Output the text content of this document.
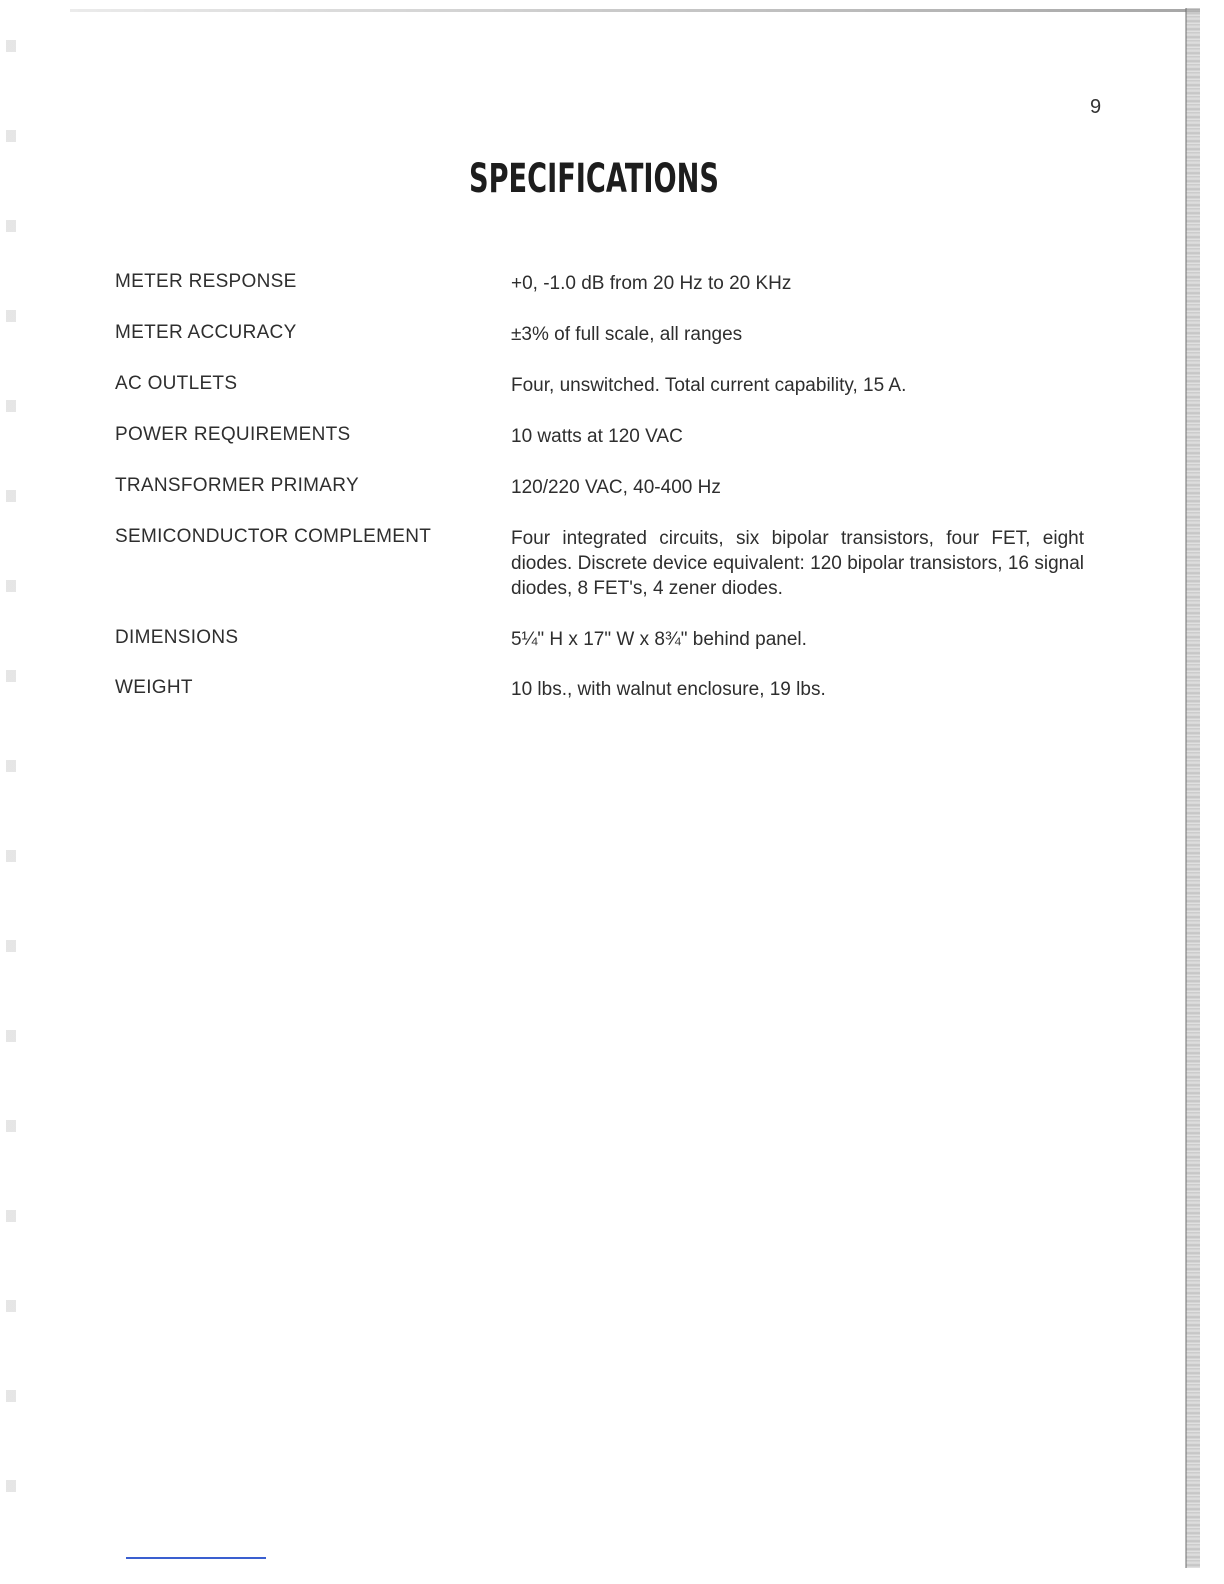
9
SPECIFICATIONS
METER RESPONSE	+0, -1.0 dB from 20 Hz to 20 KHz
METER ACCURACY	±3% of full scale, all ranges
AC OUTLETS	Four, unswitched. Total current capability, 15 A.
POWER REQUIREMENTS	10 watts at 120 VAC
TRANSFORMER PRIMARY	120/220 VAC, 40-400 Hz
SEMICONDUCTOR COMPLEMENT	Four integrated circuits, six bipolar transistors, four FET, eight diodes. Discrete device equivalent: 120 bipolar transistors, 16 signal diodes, 8 FET's, 4 zener diodes.
DIMENSIONS	5¼" H x 17" W x 8¾" behind panel.
WEIGHT	10 lbs., with walnut enclosure, 19 lbs.
